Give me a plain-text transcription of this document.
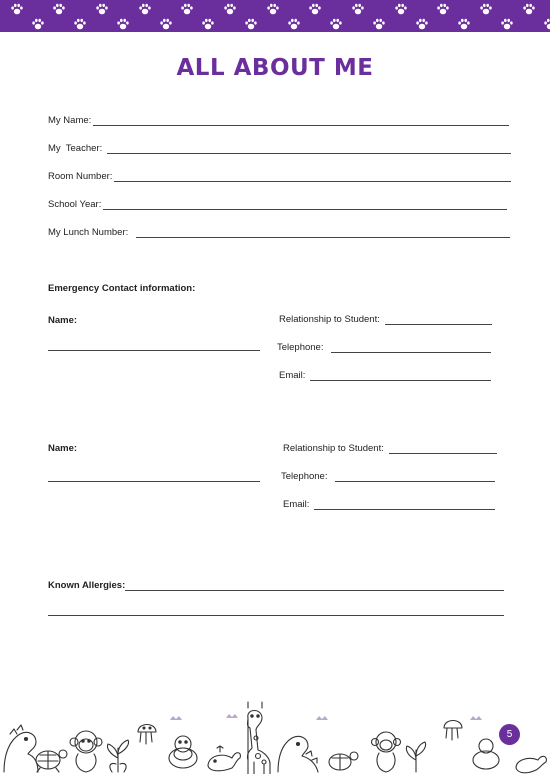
ALL ABOUT ME
My Name:
My  Teacher:
Room Number:
School Year:
My Lunch Number:
Emergency Contact information:
Name:	Relationship to Student:
Telephone:
Email:
Name:	Relationship to Student:
Telephone:
Email:
Known Allergies:
5
